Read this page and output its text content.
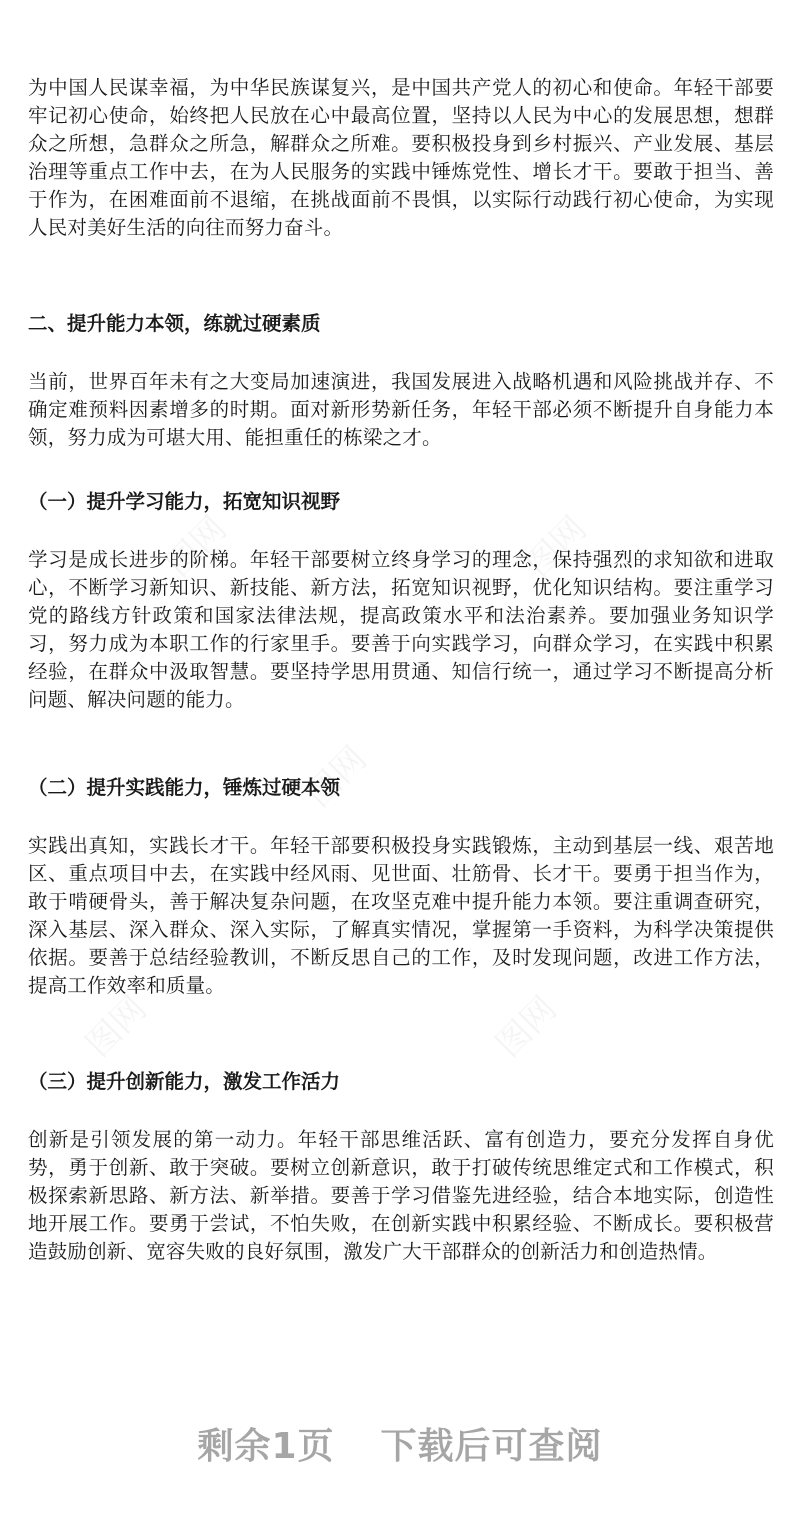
为中国人民谋幸福，为中华民族谋复兴，是中国共产党人的初心和使命。年轻干部要牢记初心使命，始终把人民放在心中最高位置，坚持以人民为中心的发展思想，想群众之所想，急群众之所急，解群众之所难。要积极投身到乡村振兴、产业发展、基层治理等重点工作中去，在为人民服务的实践中锤炼党性、增长才干。要敢于担当、善于作为，在困难面前不退缩，在挑战面前不畏惧，以实际行动践行初心使命，为实现人民对美好生活的向往而努力奋斗。

二、提升能力本领，练就过硬素质

当前，世界百年未有之大变局加速演进，我国发展进入战略机遇和风险挑战并存、不确定难预料因素增多的时期。面对新形势新任务，年轻干部必须不断提升自身能力本领，努力成为可堪大用、能担重任的栋梁之才。

（一）提升学习能力，拓宽知识视野

学习是成长进步的阶梯。年轻干部要树立终身学习的理念，保持强烈的求知欲和进取心，不断学习新知识、新技能、新方法，拓宽知识视野，优化知识结构。要注重学习党的路线方针政策和国家法律法规，提高政策水平和法治素养。要加强业务知识学习，努力成为本职工作的行家里手。要善于向实践学习，向群众学习，在实践中积累经验，在群众中汲取智慧。要坚持学思用贯通、知信行统一，通过学习不断提高分析问题、解决问题的能力。

（二）提升实践能力，锤炼过硬本领

实践出真知，实践长才干。年轻干部要积极投身实践锻炼，主动到基层一线、艰苦地区、重点项目中去，在实践中经风雨、见世面、壮筋骨、长才干。要勇于担当作为，敢于啃硬骨头，善于解决复杂问题，在攻坚克难中提升能力本领。要注重调查研究，深入基层、深入群众、深入实际，了解真实情况，掌握第一手资料，为科学决策提供依据。要善于总结经验教训，不断反思自己的工作，及时发现问题，改进工作方法，提高工作效率和质量。

（三）提升创新能力，激发工作活力

创新是引领发展的第一动力。年轻干部思维活跃、富有创造力，要充分发挥自身优势，勇于创新、敢于突破。要树立创新意识，敢于打破传统思维定式和工作模式，积极探索新思路、新方法、新举措。要善于学习借鉴先进经验，结合本地实际，创造性地开展工作。要勇于尝试，不怕失败，在创新实践中积累经验、不断成长。要积极营造鼓励创新、宽容失败的良好氛围，激发广大干部群众的创新活力和创造热情。

剩余1页 下载后可查阅
